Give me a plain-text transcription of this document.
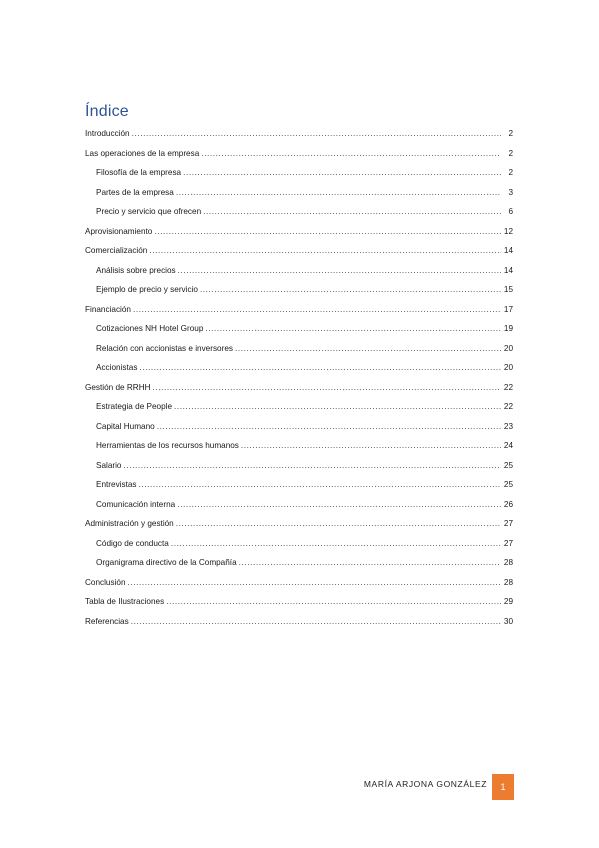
Índice
Introducción .....	2
Las operaciones de la empresa .....	2
Filosofía de la empresa .....	2
Partes de la empresa .....	3
Precio y servicio que ofrecen .....	6
Aprovisionamiento .....	12
Comercialización .....	14
Análisis sobre precios .....	14
Ejemplo de precio y servicio .....	15
Financiación .....	17
Cotizaciones NH Hotel Group .....	19
Relación con accionistas e inversores .....	20
Accionistas .....	20
Gestión de RRHH .....	22
Estrategia de People .....	22
Capital Humano .....	23
Herramientas de los recursos humanos .....	24
Salario .....	25
Entrevistas .....	25
Comunicación interna .....	26
Administración y gestión .....	27
Código de conducta .....	27
Organigrama directivo de la Compañía .....	28
Conclusión .....	28
Tabla de Ilustraciones .....	29
Referencias .....	30
MARÍA ARJONA GONZÁLEZ	1
